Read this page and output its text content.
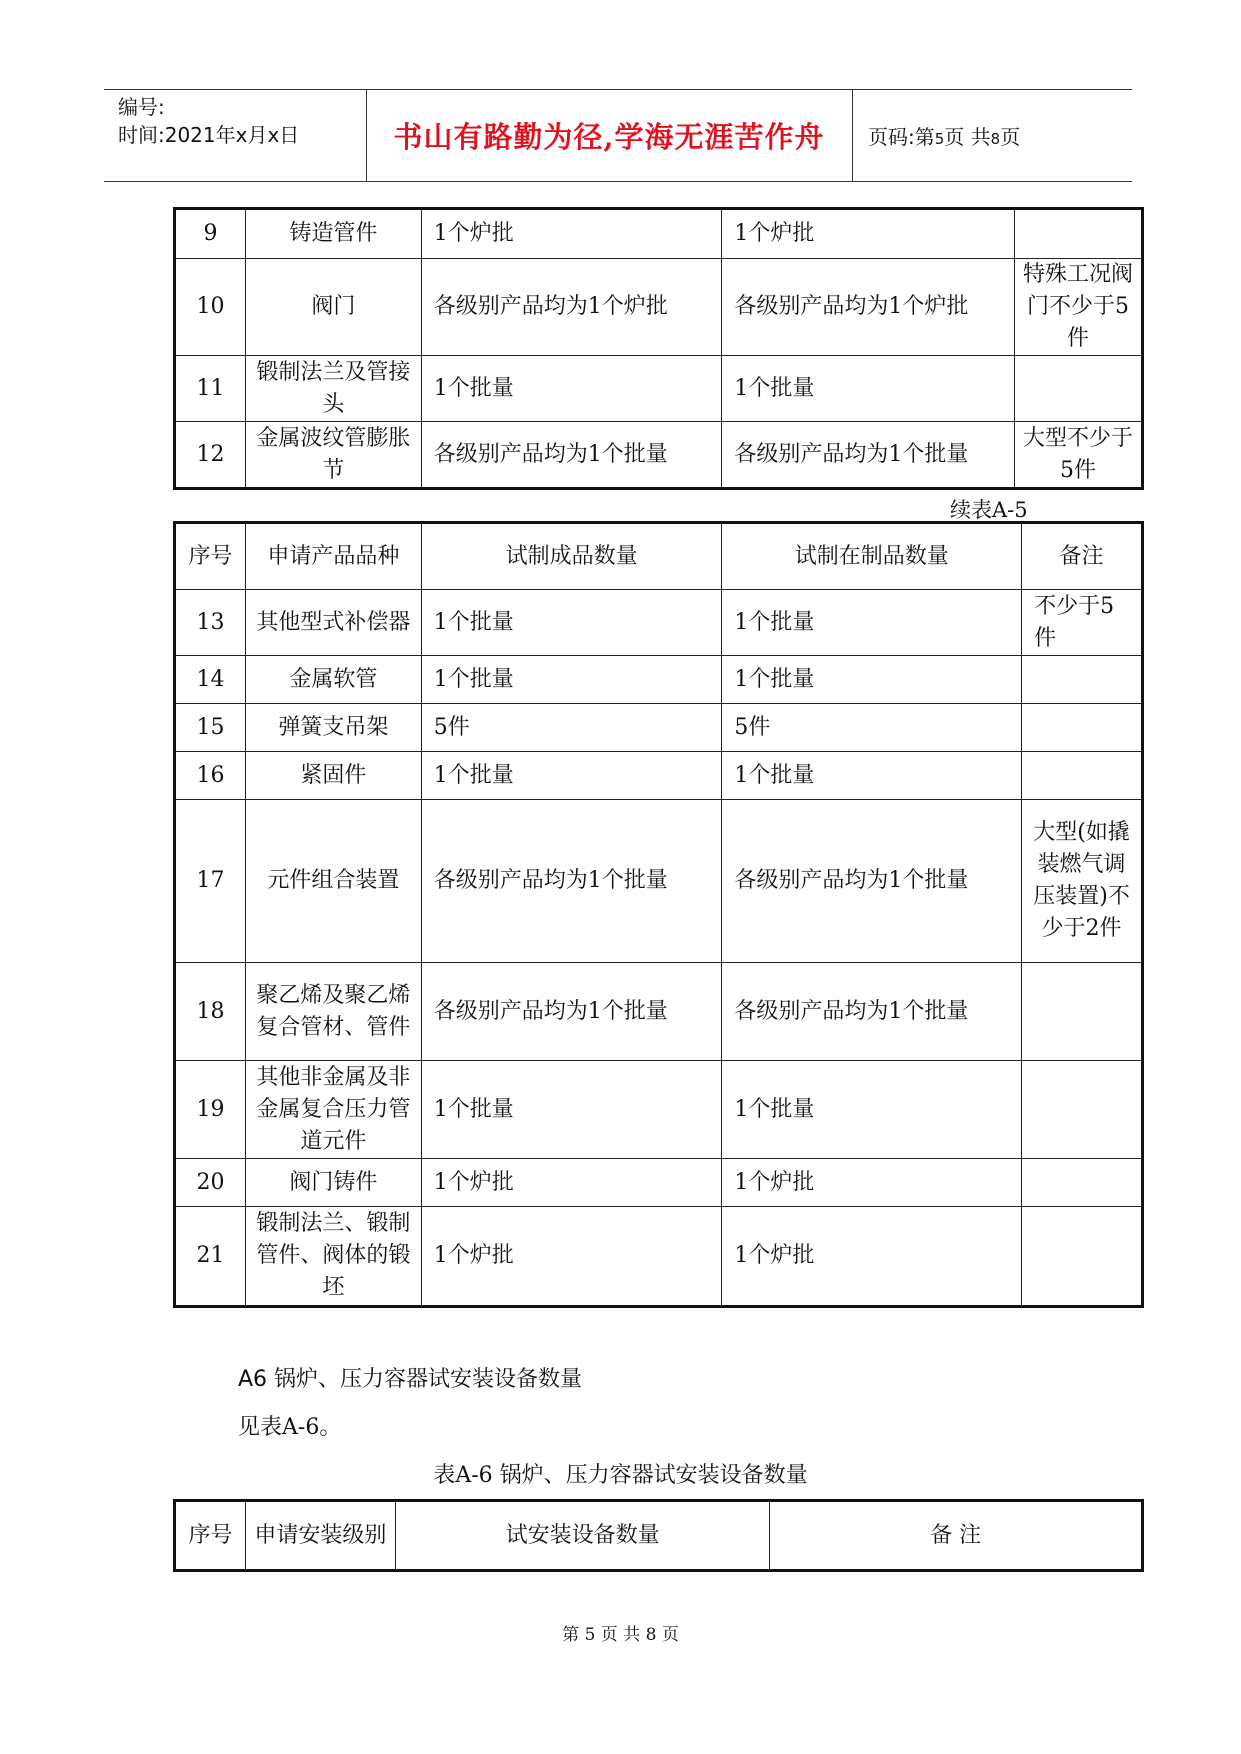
编号:
时间:2021年x月x日	书山有路勤为径,学海无涯苦作舟	页码:第5页 共8页
9	铸造管件	1个炉批	1个炉批	
10	阀门	各级别产品均为1个炉批	各级别产品均为1个炉批	特殊工况阀门不少于5件
11	锻制法兰及管接头	1个批量	1个批量	
12	金属波纹管膨胀节	各级别产品均为1个批量	各级别产品均为1个批量	大型不少于5件
续表A-5
序号	申请产品品种	试制成品数量	试制在制品数量	备注
13	其他型式补偿器	1个批量	1个批量	不少于5件
14	金属软管	1个批量	1个批量	
15	弹簧支吊架	5件	5件	
16	紧固件	1个批量	1个批量	
17	元件组合装置	各级别产品均为1个批量	各级别产品均为1个批量	大型(如撬装燃气调压装置)不少于2件
18	聚乙烯及聚乙烯复合管材、管件	各级别产品均为1个批量	各级别产品均为1个批量	
19	其他非金属及非金属复合压力管道元件	1个批量	1个批量	
20	阀门铸件	1个炉批	1个炉批	
21	锻制法兰、锻制管件、阀体的锻坯	1个炉批	1个炉批	
A6 锅炉、压力容器试安装设备数量
见表A-6。
表A-6 锅炉、压力容器试安装设备数量
序号	申请安装级别	试安装设备数量	备 注
第 5 页 共 8 页
